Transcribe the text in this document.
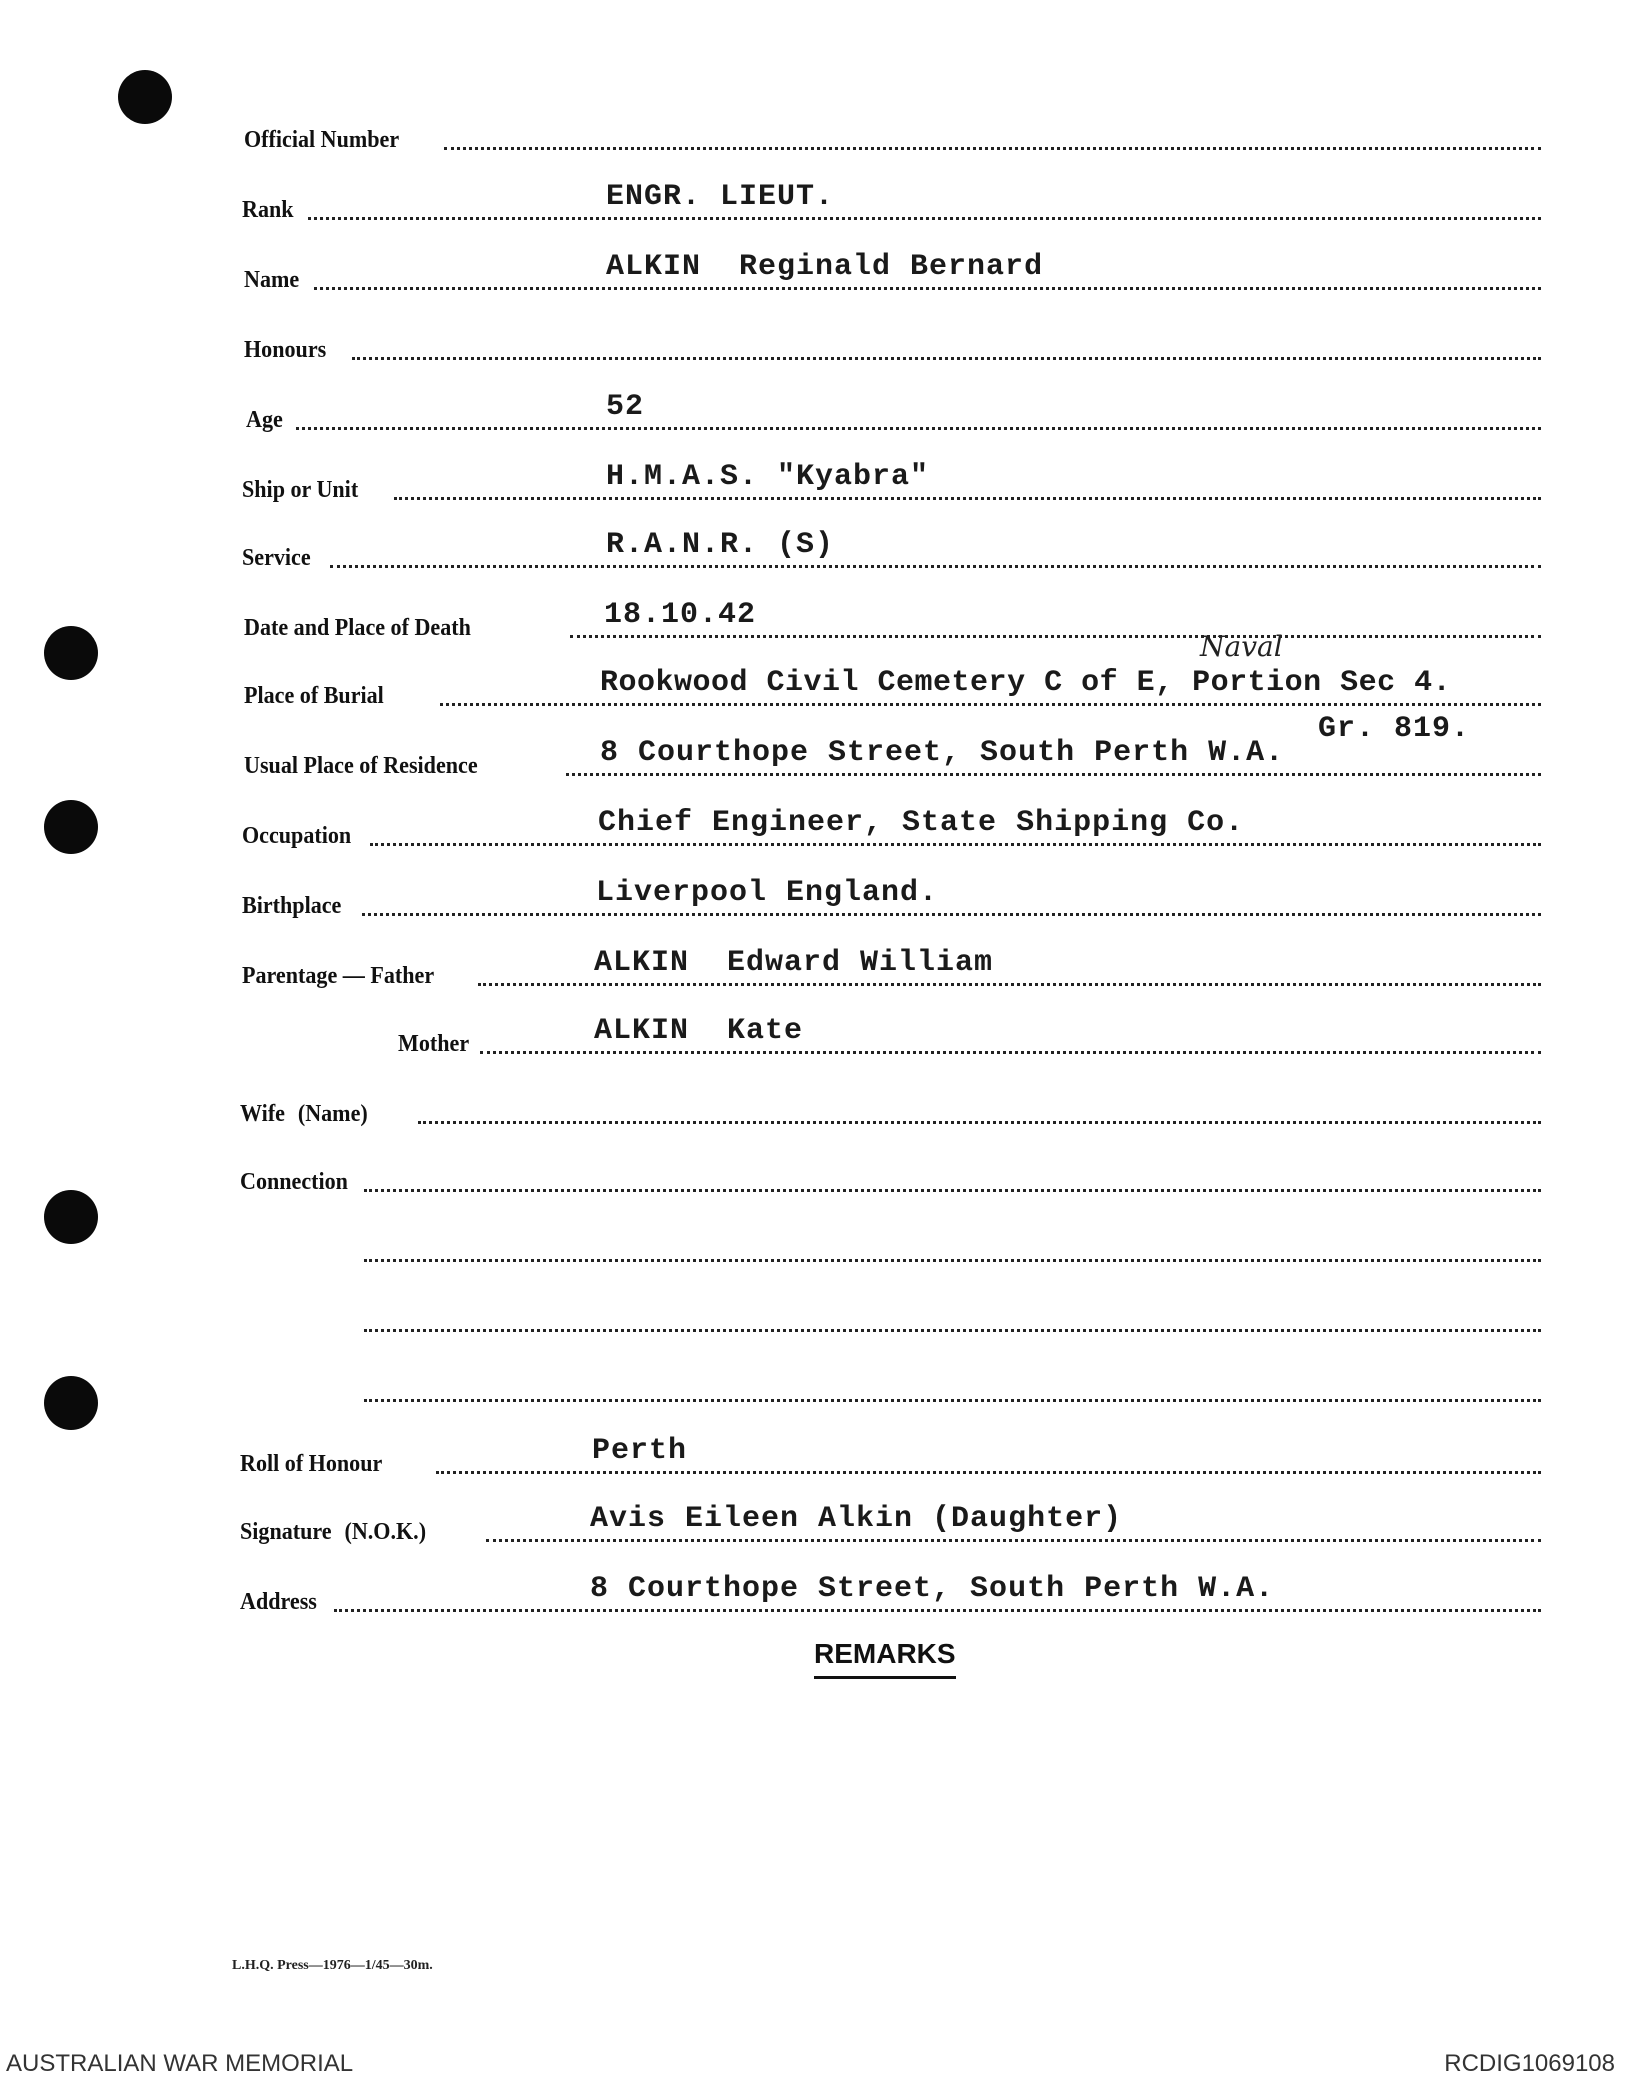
Official Number
Rank	ENGR. LIEUT.
Name	ALKIN  Reginald Bernard
Honours
Age	52
Ship or Unit	H.M.A.S. "Kyabra"
Service	R.A.N.R. (S)
Date and Place of Death	18.10.42
Naval
Place of Burial	Rookwood Civil Cemetery C of E, Portion Sec 4.
Gr. 819.
Usual Place of Residence	8 Courthope Street, South Perth W.A.
Occupation	Chief Engineer, State Shipping Co.
Birthplace	Liverpool England.
Parentage — Father	ALKIN  Edward William
Mother	ALKIN  Kate
Wife (Name)
Connection
Roll of Honour	Perth
Signature (N.O.K.)	Avis Eileen Alkin (Daughter)
Address	8 Courthope Street, South Perth W.A.
REMARKS
L.H.Q. Press—1976—1/45—30m.
AUSTRALIAN WAR MEMORIAL	RCDIG1069108
